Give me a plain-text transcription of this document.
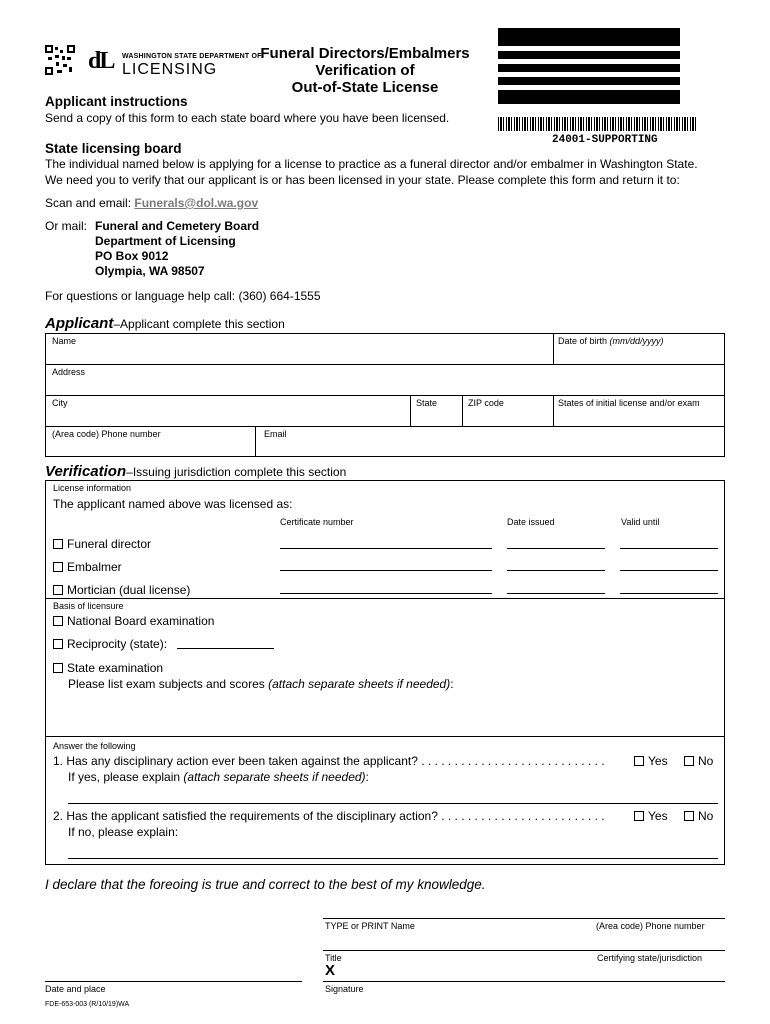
dL WASHINGTON STATE DEPARTMENT OF
LICENSING
Funeral Directors/Embalmers
Verification of
Out-of-State License
24001-SUPPORTING
Applicant instructions
Send a copy of this form to each state board where you have been licensed.
State licensing board
The individual named below is applying for a license to practice as a funeral director and/or embalmer in Washington State.
We need you to verify that our applicant is or has been licensed in your state. Please complete this form and return it to:
Scan and email: Funerals@dol.wa.gov
Or mail: Funeral and Cemetery Board
Department of Licensing
PO Box 9012
Olympia, WA 98507
For questions or language help call: (360) 664-1555
Applicant–Applicant complete this section
Name	Date of birth (mm/dd/yyyy)
Address
City	State	ZIP code	States of initial license and/or exam
(Area code) Phone number	Email
Verification–Issuing jurisdiction complete this section
License information
The applicant named above was licensed as:
Certificate number	Date issued	Valid until
Funeral director
Embalmer
Mortician (dual license)
Basis of licensure
National Board examination
Reciprocity (state):
State examination
Please list exam subjects and scores (attach separate sheets if needed):
Answer the following
1. Has any disciplinary action ever been taken against the applicant? . . . . . . . . . . . . . . . . . . . . . . . . . . . .	Yes	No
If yes, please explain (attach separate sheets if needed):
2. Has the applicant satisfied the requirements of the disciplinary action? . . . . . . . . . . . . . . . . . . . . . . . . .	Yes	No
If no, please explain:
I declare that the foreoing is true and correct to the best of my knowledge.
TYPE or PRINT Name	(Area code) Phone number
Title	Certifying state/jurisdiction
X
Date and place	Signature
FDE-653-003 (R/10/19)WA
